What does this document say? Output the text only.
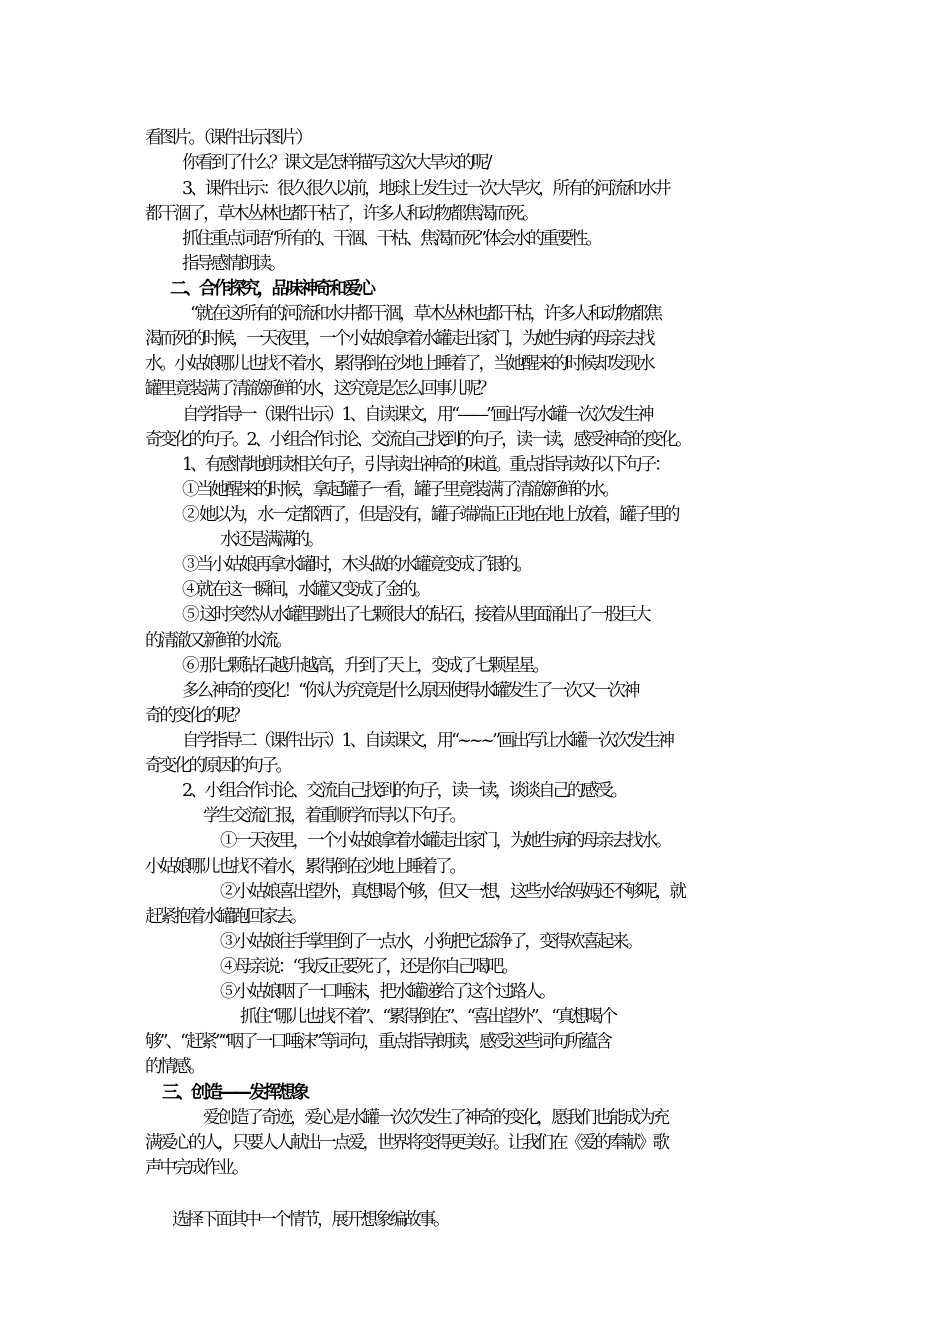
看图片。（课件出示图片）
你看到了什么？课文是怎样描写这次大旱灾的呢/
3、课件出示：很久很久以前，地球上发生过一次大旱灾，所有的河流和水井
都干涸了，草木丛林也都干枯了，许多人和动物都焦渴而死。
抓住重点词语“所有的、干涸、干枯、焦渴而死”体会水的重要性。
指导感情朗读。
二、合作探究，品味神奇和爱心
“就在这所有的河流和水井都干涸，草木丛林也都干枯，许多人和动物都焦
渴而死的时候，一天夜里，一个小姑娘拿着水罐走出家门，为她生病的母亲去找
水。小姑娘哪儿也找不着水，累得倒在沙地上睡着了，当她醒来的时候却发现水
罐里竟装满了清澈新鲜的水，这究竟是怎么回事儿呢？
自学指导一（课件出示）1、自读课文，用“——”画出写水罐一次次发生神
奇变化的句子。2、小组合作讨论、交流自己找到的句子，读一读，感受神奇的变化。
1、有感情地朗读相关句子，引导读出神奇的味道。重点指导读好以下句子：
①当她醒来的时候，拿起罐子一看，罐子里竟装满了清澈新鲜的水。
② 她以为，水一定都洒了，但是没有，罐子端端正正地在地上放着，罐子里的
水还是满满的。
③当小姑娘再拿水罐时，木头做的水罐竟变成了银的。
④就在这一瞬间，水罐又变成了金的。
⑤ 这时突然从水罐里跳出了七颗很大的钻石，接着从里面涌出了一股巨大
的清澈又新鲜的水流。
⑥ 那七颗钻石越升越高，升到了天上，变成了七颗星星。
多么神奇的变化！“你认为究竟是什么原因使得水罐发生了一次又一次神
奇的变化的呢？
自学指导二（课件出示）1、自读课文，用“~~~”画出写让水罐一次次发生神
奇变化的原因的句子。
2、小组合作讨论、交流自己找到的句子，读一读，谈谈自己的感受。
学生交流汇报，着重顺学而导以下句子。
①一天夜里，一个小姑娘拿着水罐走出家门，为她生病的母亲去找水。
小姑娘哪儿也找不着水，累得倒在沙地上睡着了。
②小姑娘喜出望外，真想喝个够，但又一想，这些水给妈妈还不够呢，就
赶紧抱着水罐跑回家去。
③小姑娘往手掌里倒了一点水，小狗把它舔净了，变得欢喜起来。
④母亲说：“我反正要死了，还是你自己喝吧。
⑤小姑娘咽了一口唾沫，把水罐递给了这个过路人。
抓住“哪儿也找不着”、“累得倒在”、“喜出望外”、“真想喝个
够”、“赶紧”“咽了一口唾沫”等词句，重点指导朗读，感受这些词句所蕴含
的情感。
三、创造——发挥想象
爱创造了奇迹，爱心是水罐一次次发生了神奇的变化，愿我们也能成为充
满爱心的人，只要人人献出一点爱，世界将变得更美好。让我们在《爱的奉献》歌
声中完成作业。
选择下面其中一个情节，展开想象编故事。
